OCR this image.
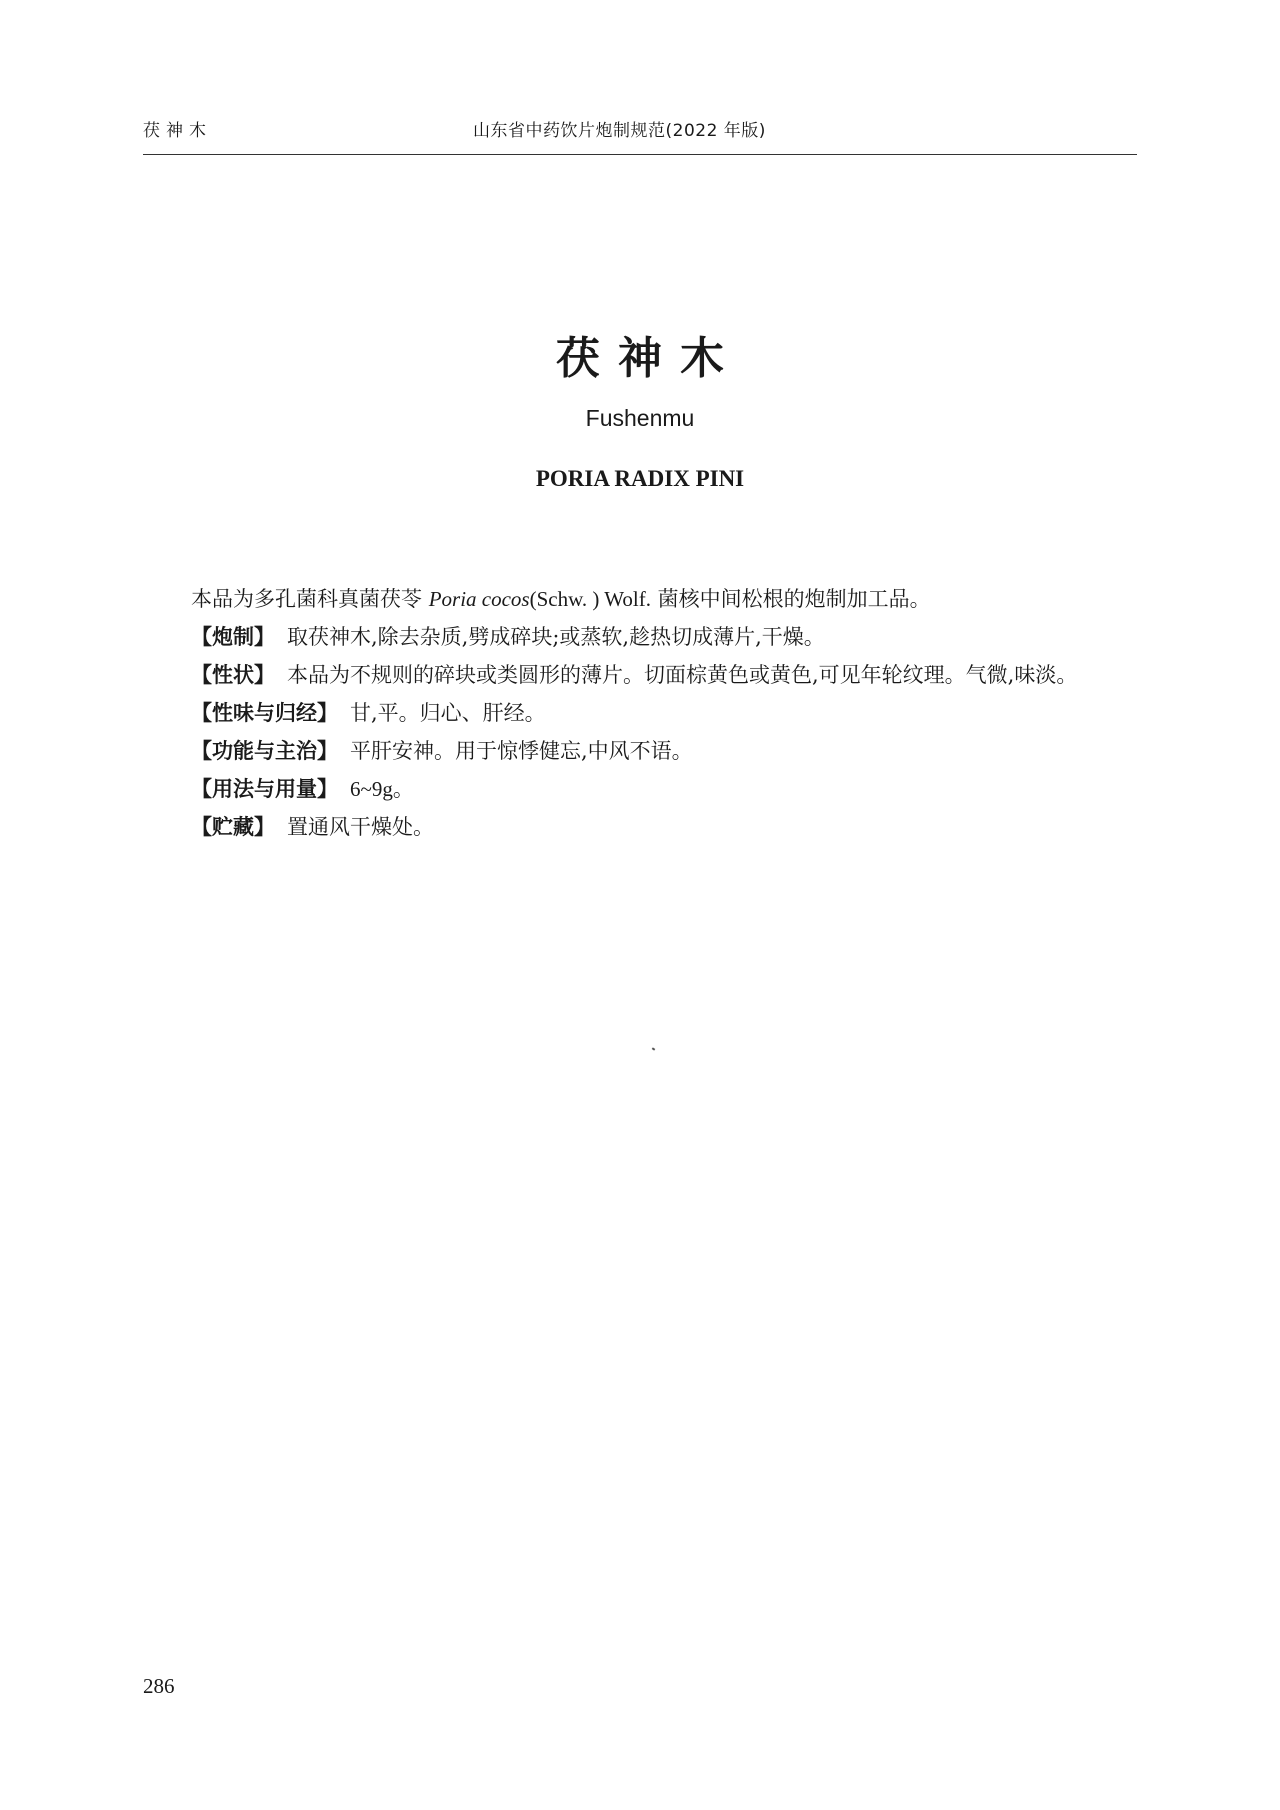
茯神木	山东省中药饮片炮制规范(2022 年版)
茯神木
Fushenmu
PORIA RADIX PINI

本品为多孔菌科真菌茯苓 Poria cocos(Schw. ) Wolf. 菌核中间松根的炮制加工品。

【炮制】 取茯神木,除去杂质,劈成碎块;或蒸软,趁热切成薄片,干燥。

【性状】 本品为不规则的碎块或类圆形的薄片。切面棕黄色或黄色,可见年轮纹理。气微,味淡。

【性味与归经】 甘,平。归心、肝经。

【功能与主治】 平肝安神。用于惊悸健忘,中风不语。

【用法与用量】 6~9g。

【贮藏】 置通风干燥处。

286
